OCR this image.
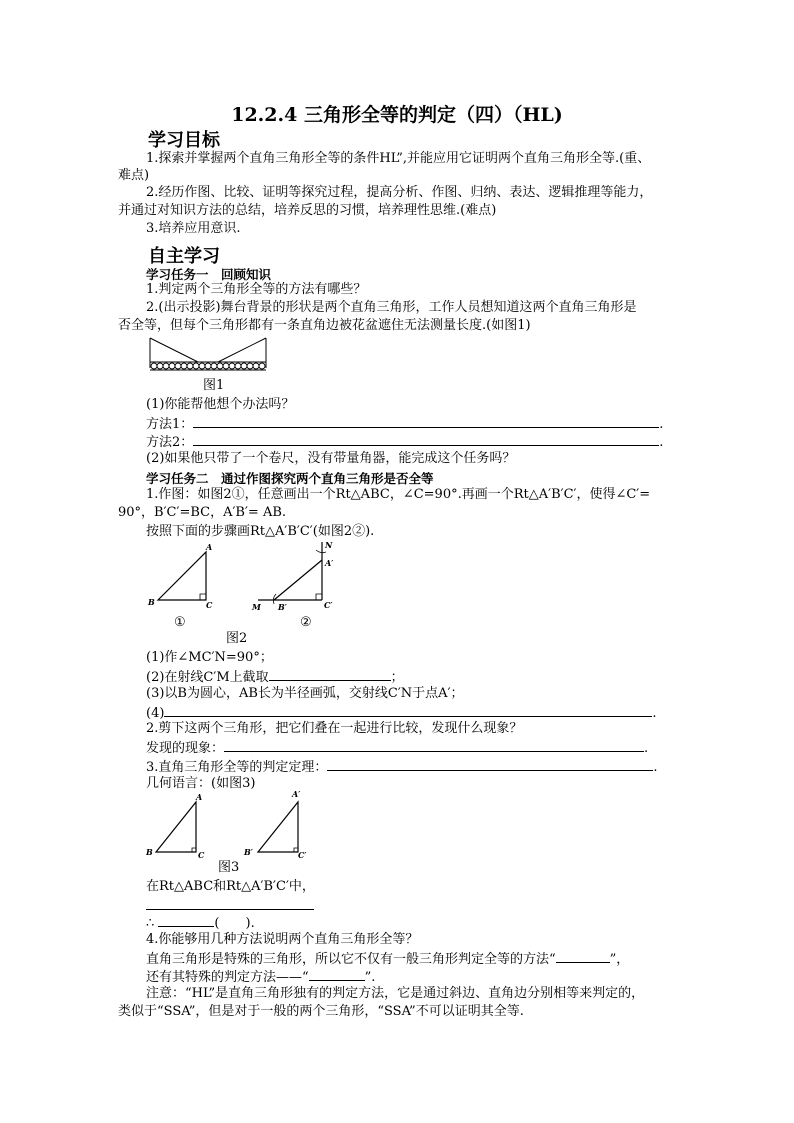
12.2.4 三角形全等的判定（四）（HL)
学习目标
1.探索并掌握两个直角三角形全等的条件HL”,并能应用它证明两个直角三角形全等.(重、
难点)
2.经历作图、比较、证明等探究过程，提高分析、作图、归纳、表达、逻辑推理等能力，
并通过对知识方法的总结，培养反思的习惯，培养理性思维.(难点)
3.培养应用意识.
自主学习
学习任务一　回顾知识
1.判定两个三角形全等的方法有哪些？
2.(出示投影)舞台背景的形状是两个直角三角形，工作人员想知道这两个直角三角形是
否全等，但每个三角形都有一条直角边被花盆遮住无法测量长度.(如图1)
图1
(1)你能帮他想个办法吗？
方法1：	.
方法2：	.
(2)如果他只带了一个卷尺，没有带量角器，能完成这个任务吗？
学习任务二　通过作图探究两个直角三角形是否全等
1.作图：如图2①，任意画出一个Rt△ABC，∠C=90°.再画一个Rt△A′B′C′，使得∠C′=
90°，B′C′=BC，A′B′= AB.
按照下面的步骤画Rt△A′B′C′(如图2②).
A
B	C
N
A′
M B′	C′
①	②
图2
(1)作∠MC′N=90°；
(2)在射线C′M上截取	；
(3)以B为圆心，AB长为半径画弧，交射线C′N于点A′；
(4)	.
2.剪下这两个三角形，把它们叠在一起进行比较，发现什么现象？
发现的现象：	.
3.直角三角形全等的判定定理：	.
几何语言：(如图3)
A
B	C
A′
B′	C′
图3
在Rt△ABC和Rt△A′B′C′中，
∴	(　　).
4.你能够用几种方法说明两个直角三角形全等？
直角三角形是特殊的三角形，所以它不仅有一般三角形判定全等的方法“	”，
还有其特殊的判定方法——“	”.
注意：“HL”是直角三角形独有的判定方法，它是通过斜边、直角边分别相等来判定的，
类似于“SSA”，但是对于一般的两个三角形，“SSA”不可以证明其全等.
